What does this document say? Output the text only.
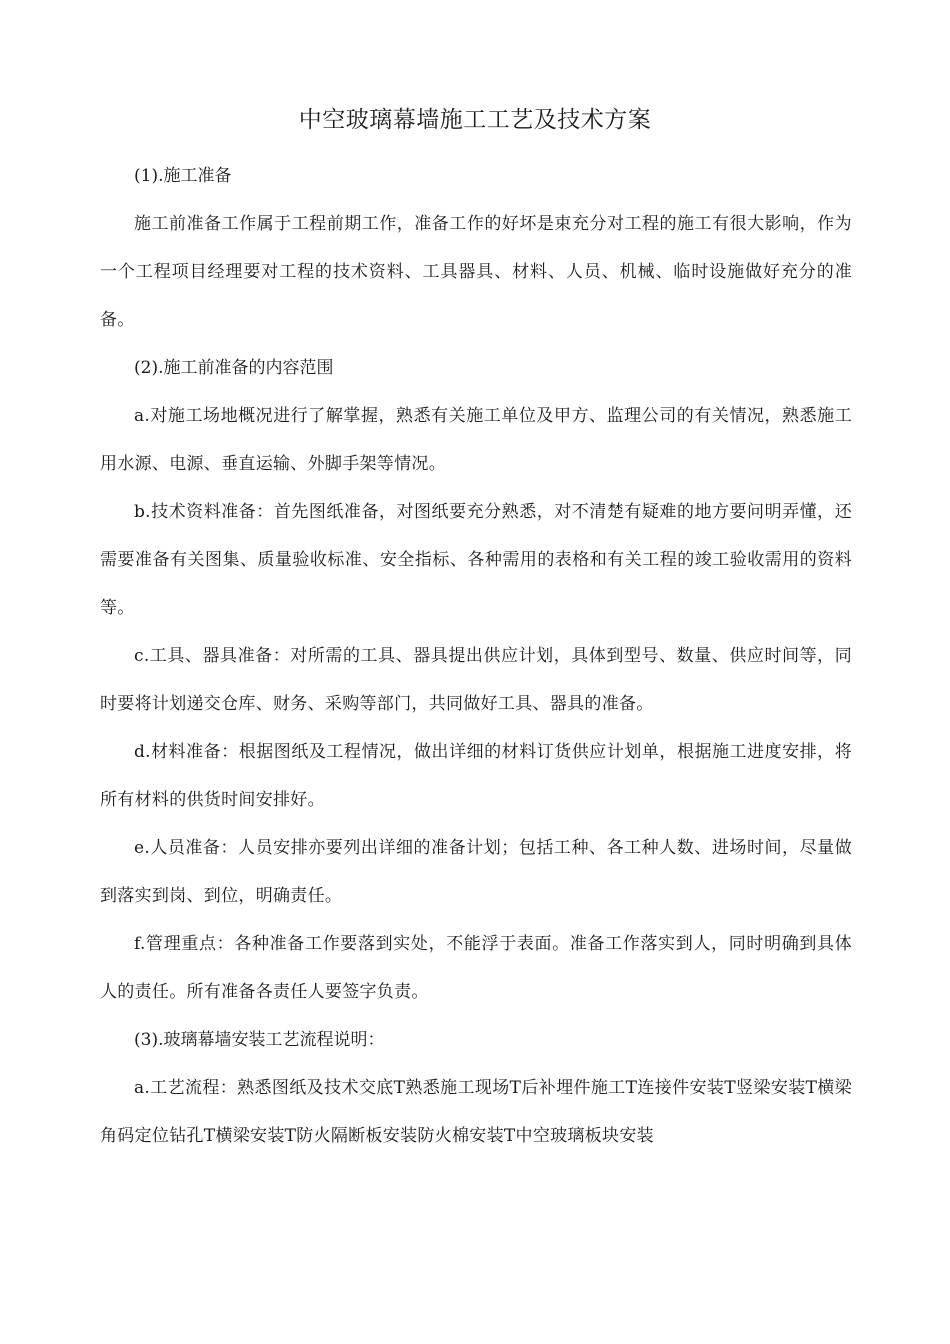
中空玻璃幕墙施工工艺及技术方案

(1).施工准备

施工前准备工作属于工程前期工作，准备工作的好坏是束充分对工程的施工有很大影响，作为一个工程项目经理要对工程的技术资料、工具器具、材料、人员、机械、临时设施做好充分的准备。

(2).施工前准备的内容范围

a.对施工场地概况进行了解掌握，熟悉有关施工单位及甲方、监理公司的有关情况，熟悉施工用水源、电源、垂直运输、外脚手架等情况。

b.技术资料准备：首先图纸准备，对图纸要充分熟悉，对不清楚有疑难的地方要问明弄懂，还需要准备有关图集、质量验收标准、安全指标、各种需用的表格和有关工程的竣工验收需用的资料等。

c.工具、器具准备：对所需的工具、器具提出供应计划，具体到型号、数量、供应时间等，同时要将计划递交仓库、财务、采购等部门，共同做好工具、器具的准备。

d.材料准备：根据图纸及工程情况，做出详细的材料订货供应计划单，根据施工进度安排，将所有材料的供货时间安排好。

e.人员准备：人员安排亦要列出详细的准备计划；包括工种、各工种人数、进场时间，尽量做到落实到岗、到位，明确责任。

f.管理重点：各种准备工作要落到实处，不能浮于表面。准备工作落实到人，同时明确到具体人的责任。所有准备各责任人要签字负责。

(3).玻璃幕墙安装工艺流程说明：

a.工艺流程：熟悉图纸及技术交底T熟悉施工现场T后补埋件施工T连接件安装T竖梁安装T横梁角码定位钻孔T横梁安装T防火隔断板安装防火棉安装T中空玻璃板块安装
